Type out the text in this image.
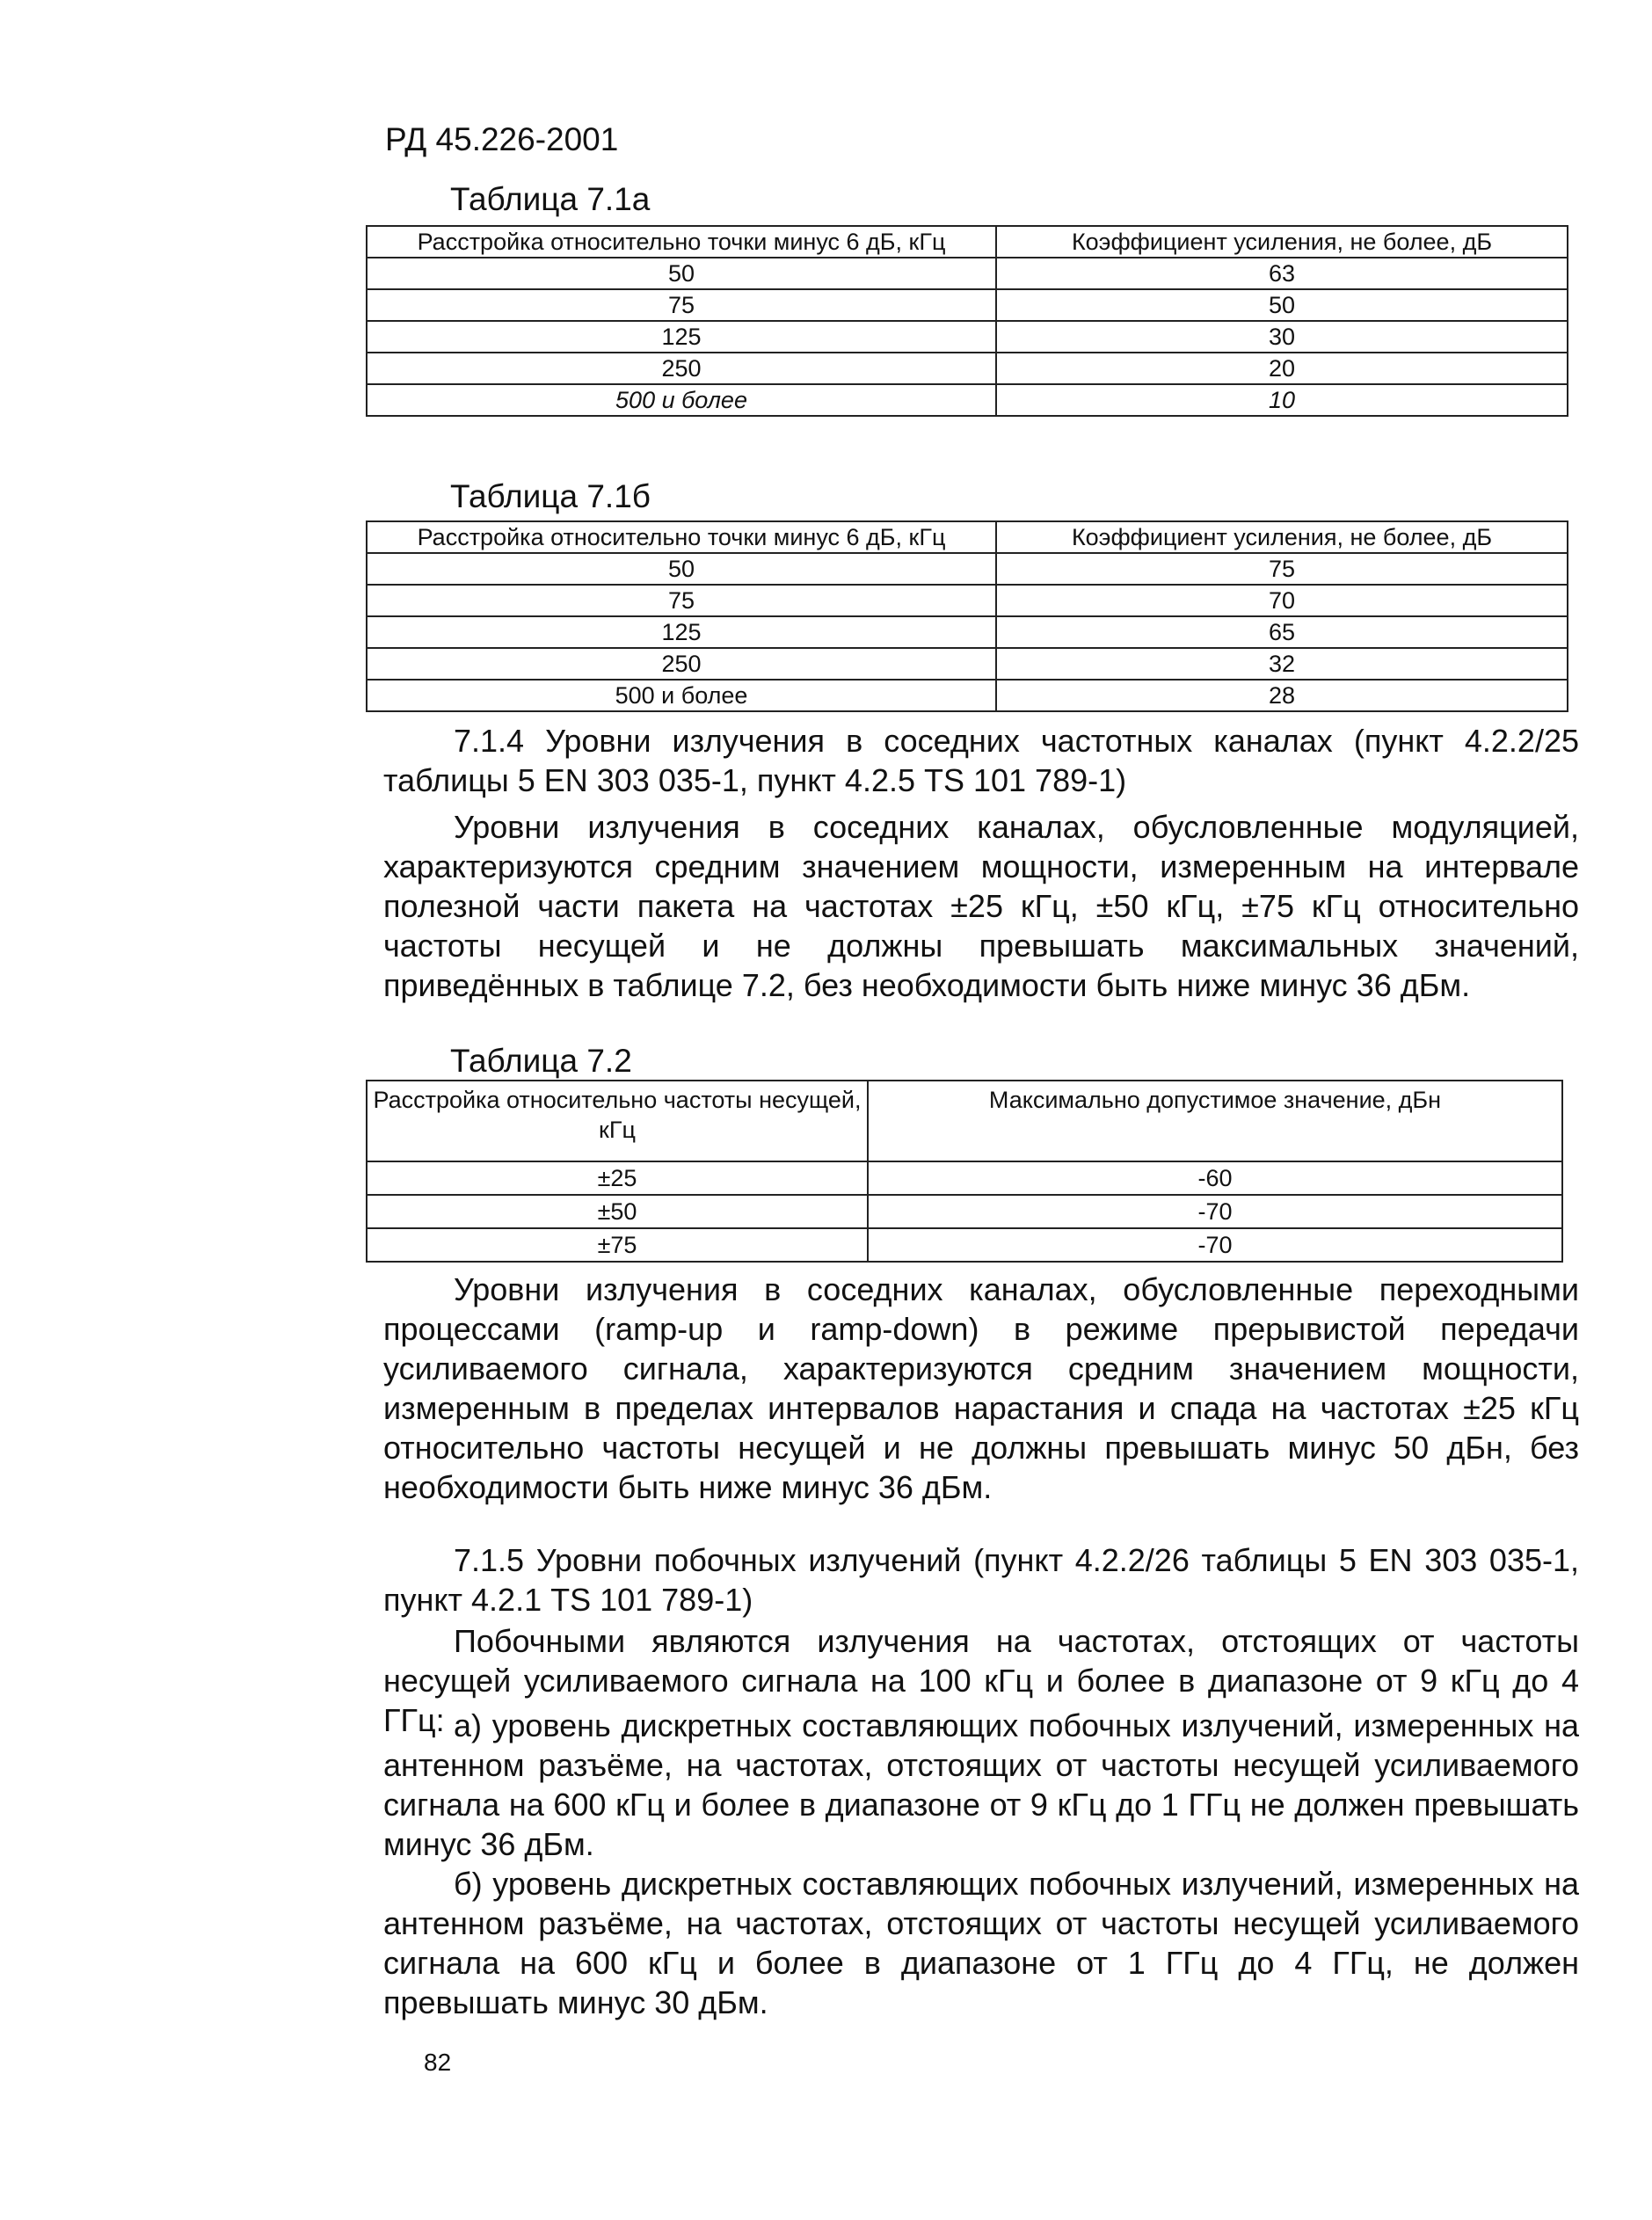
РД 45.226-2001
Таблица 7.1а
Расстройка относительно точки минус 6 дБ, кГц	Коэффициент усиления, не более, дБ
50	63
75	50
125	30
250	20
500 и более	10
Таблица 7.1б
Расстройка относительно точки минус 6 дБ, кГц	Коэффициент усиления, не более, дБ
50	75
75	70
125	65
250	32
500 и более	28

7.1.4 Уровни излучения в соседних частотных каналах (пункт 4.2.2/25 таблицы 5 EN 303 035-1, пункт 4.2.5 TS 101 789-1)

Уровни излучения в соседних каналах, обусловленные модуляцией, характеризуются средним значением мощности, измеренным на интервале полезной части пакета на частотах ±25 кГц, ±50 кГц, ±75 кГц относительно частоты несущей и не должны превышать максимальных значений, приведённых в таблице 7.2, без необходимости быть ниже минус 36 дБм.

Таблица 7.2
Расстройка относительно частоты несущей, кГц	Максимально допустимое значение, дБн
±25	-60
±50	-70
±75	-70

Уровни излучения в соседних каналах, обусловленные переходными процессами (ramp-up и ramp-down) в режиме прерывистой передачи усиливаемого сигнала, характеризуются средним значением мощности, измеренным в пределах интервалов нарастания и спада на частотах ±25 кГц относительно частоты несущей и не должны превышать минус 50 дБн, без необходимости быть ниже минус 36 дБм.

7.1.5 Уровни побочных излучений (пункт 4.2.2/26 таблицы 5 EN 303 035-1, пункт 4.2.1 TS 101 789-1)

Побочными являются излучения на частотах, отстоящих от частоты несущей усиливаемого сигнала на 100 кГц и более в диапазоне от 9 кГц до 4 ГГц: а) уровень дискретных составляющих побочных излучений, измеренных на антенном разъёме, на частотах, отстоящих от частоты несущей усиливаемого сигнала на 600 кГц и более в диапазоне от 9 кГц до 1 ГГц не должен превышать минус 36 дБм.

б) уровень дискретных составляющих побочных излучений, измеренных на антенном разъёме, на частотах, отстоящих от частоты несущей усиливаемого сигнала на 600 кГц и более в диапазоне от 1 ГГц до 4 ГГц, не должен превышать минус 30 дБм.

82
